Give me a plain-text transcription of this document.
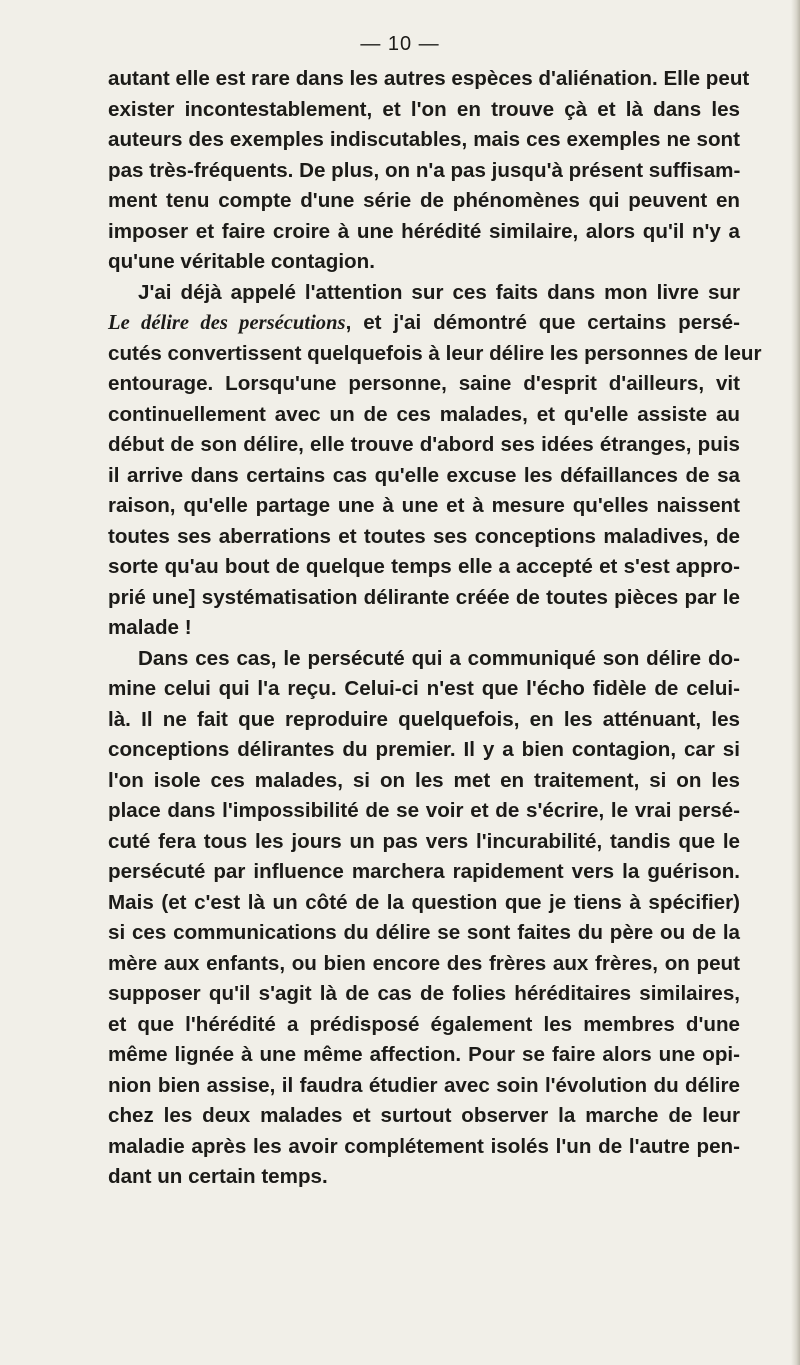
— 10 —

autant elle est rare dans les autres espèces d'aliénation. Elle peut
exister incontestablement, et l'on en trouve çà et là dans les
auteurs des exemples indiscutables, mais ces exemples ne sont
pas très-fréquents. De plus, on n'a pas jusqu'à présent suffisam-
ment tenu compte d'une série de phénomènes qui peuvent en
imposer et faire croire à une hérédité similaire, alors qu'il n'y a
qu'une véritable contagion.

J'ai déjà appelé l'attention sur ces faits dans mon livre sur
Le délire des persécutions, et j'ai démontré que certains persé-
cutés convertissent quelquefois à leur délire les personnes de leur
entourage. Lorsqu'une personne, saine d'esprit d'ailleurs, vit
continuellement avec un de ces malades, et qu'elle assiste au
début de son délire, elle trouve d'abord ses idées étranges, puis
il arrive dans certains cas qu'elle excuse les défaillances de sa
raison, qu'elle partage une à une et à mesure qu'elles naissent
toutes ses aberrations et toutes ses conceptions maladives, de
sorte qu'au bout de quelque temps elle a accepté et s'est appro-
prié une] systématisation délirante créée de toutes pièces par le
malade !

Dans ces cas, le persécuté qui a communiqué son délire do-
mine celui qui l'a reçu. Celui-ci n'est que l'écho fidèle de celui-
là. Il ne fait que reproduire quelquefois, en les atténuant, les
conceptions délirantes du premier. Il y a bien contagion, car si
l'on isole ces malades, si on les met en traitement, si on les
place dans l'impossibilité de se voir et de s'écrire, le vrai persé-
cuté fera tous les jours un pas vers l'incurabilité, tandis que le
persécuté par influence marchera rapidement vers la guérison.
Mais (et c'est là un côté de la question que je tiens à spécifier)
si ces communications du délire se sont faites du père ou de la
mère aux enfants, ou bien encore des frères aux frères, on peut
supposer qu'il s'agit là de cas de folies héréditaires similaires,
et que l'hérédité a prédisposé également les membres d'une
même lignée à une même affection. Pour se faire alors une opi-
nion bien assise, il faudra étudier avec soin l'évolution du délire
chez les deux malades et surtout observer la marche de leur
maladie après les avoir complétement isolés l'un de l'autre pen-
dant un certain temps.
